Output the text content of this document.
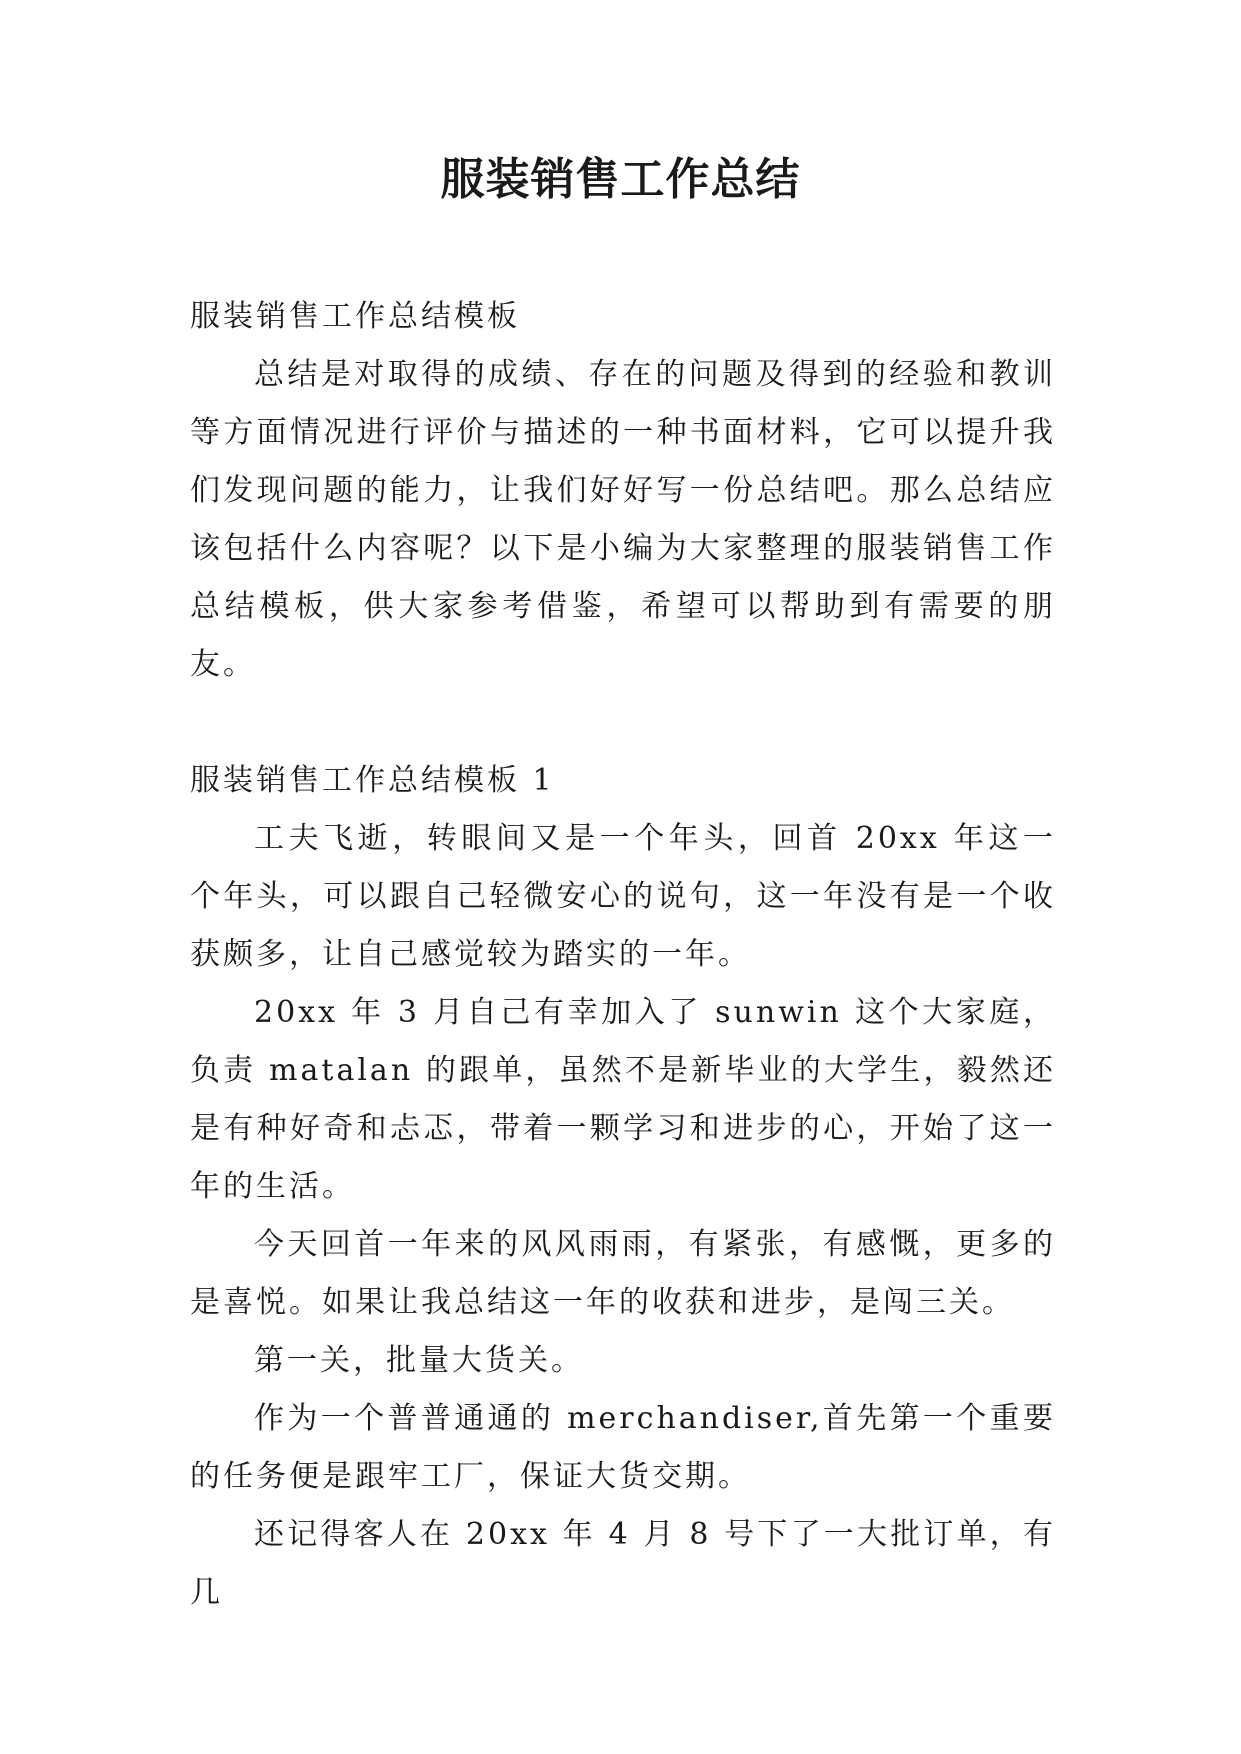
服装销售工作总结

服装销售工作总结模板

总结是对取得的成绩、存在的问题及得到的经验和教训等方面情况进行评价与描述的一种书面材料，它可以提升我们发现问题的能力，让我们好好写一份总结吧。那么总结应该包括什么内容呢？以下是小编为大家整理的服装销售工作总结模板，供大家参考借鉴，希望可以帮助到有需要的朋友。

服装销售工作总结模板 1

工夫飞逝，转眼间又是一个年头，回首 20xx 年这一个年头，可以跟自己轻微安心的说句，这一年没有是一个收获颇多，让自己感觉较为踏实的一年。

20xx 年 3 月自己有幸加入了 sunwin 这个大家庭，负责 matalan 的跟单，虽然不是新毕业的大学生，毅然还是有种好奇和忐忑，带着一颗学习和进步的心，开始了这一年的生活。

今天回首一年来的风风雨雨，有紧张，有感慨，更多的是喜悦。如果让我总结这一年的收获和进步，是闯三关。

第一关，批量大货关。

作为一个普普通通的 merchandiser,首先第一个重要的任务便是跟牢工厂，保证大货交期。

还记得客人在 20xx 年 4 月 8 号下了一大批订单，有几
